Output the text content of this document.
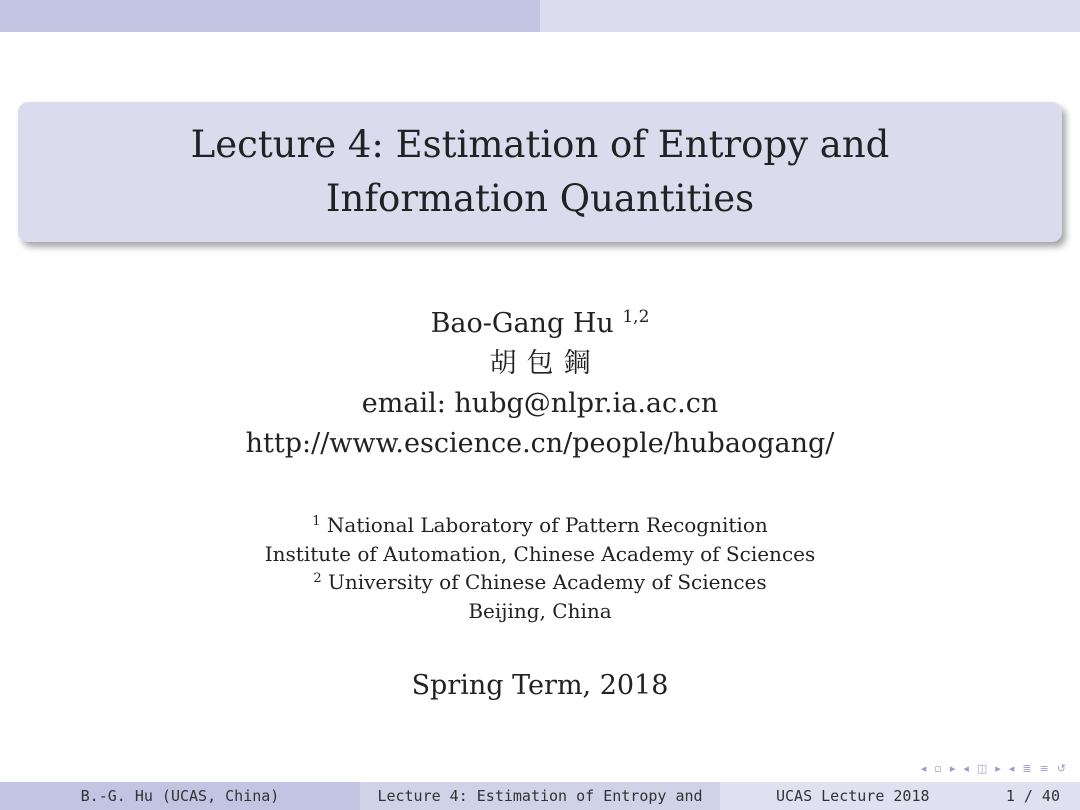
Lecture 4: Estimation of Entropy and
Information Quantities
Bao-Gang Hu $^{1,2}$
胡包鋼
email: hubg@nlpr.ia.ac.cn
http://www.escience.cn/people/hubaogang/
$^1$ National Laboratory of Pattern Recognition
Institute of Automation, Chinese Academy of Sciences
$^2$ University of Chinese Academy of Sciences
Beijing, China
Spring Term, 2018
◂ ▫ ▸ ◂ ◫ ▸ ◂ ≣ ≡ ↺
B.-G. Hu (UCAS, China)	Lecture 4: Estimation of Entropy and	UCAS Lecture 2018	1 / 40
